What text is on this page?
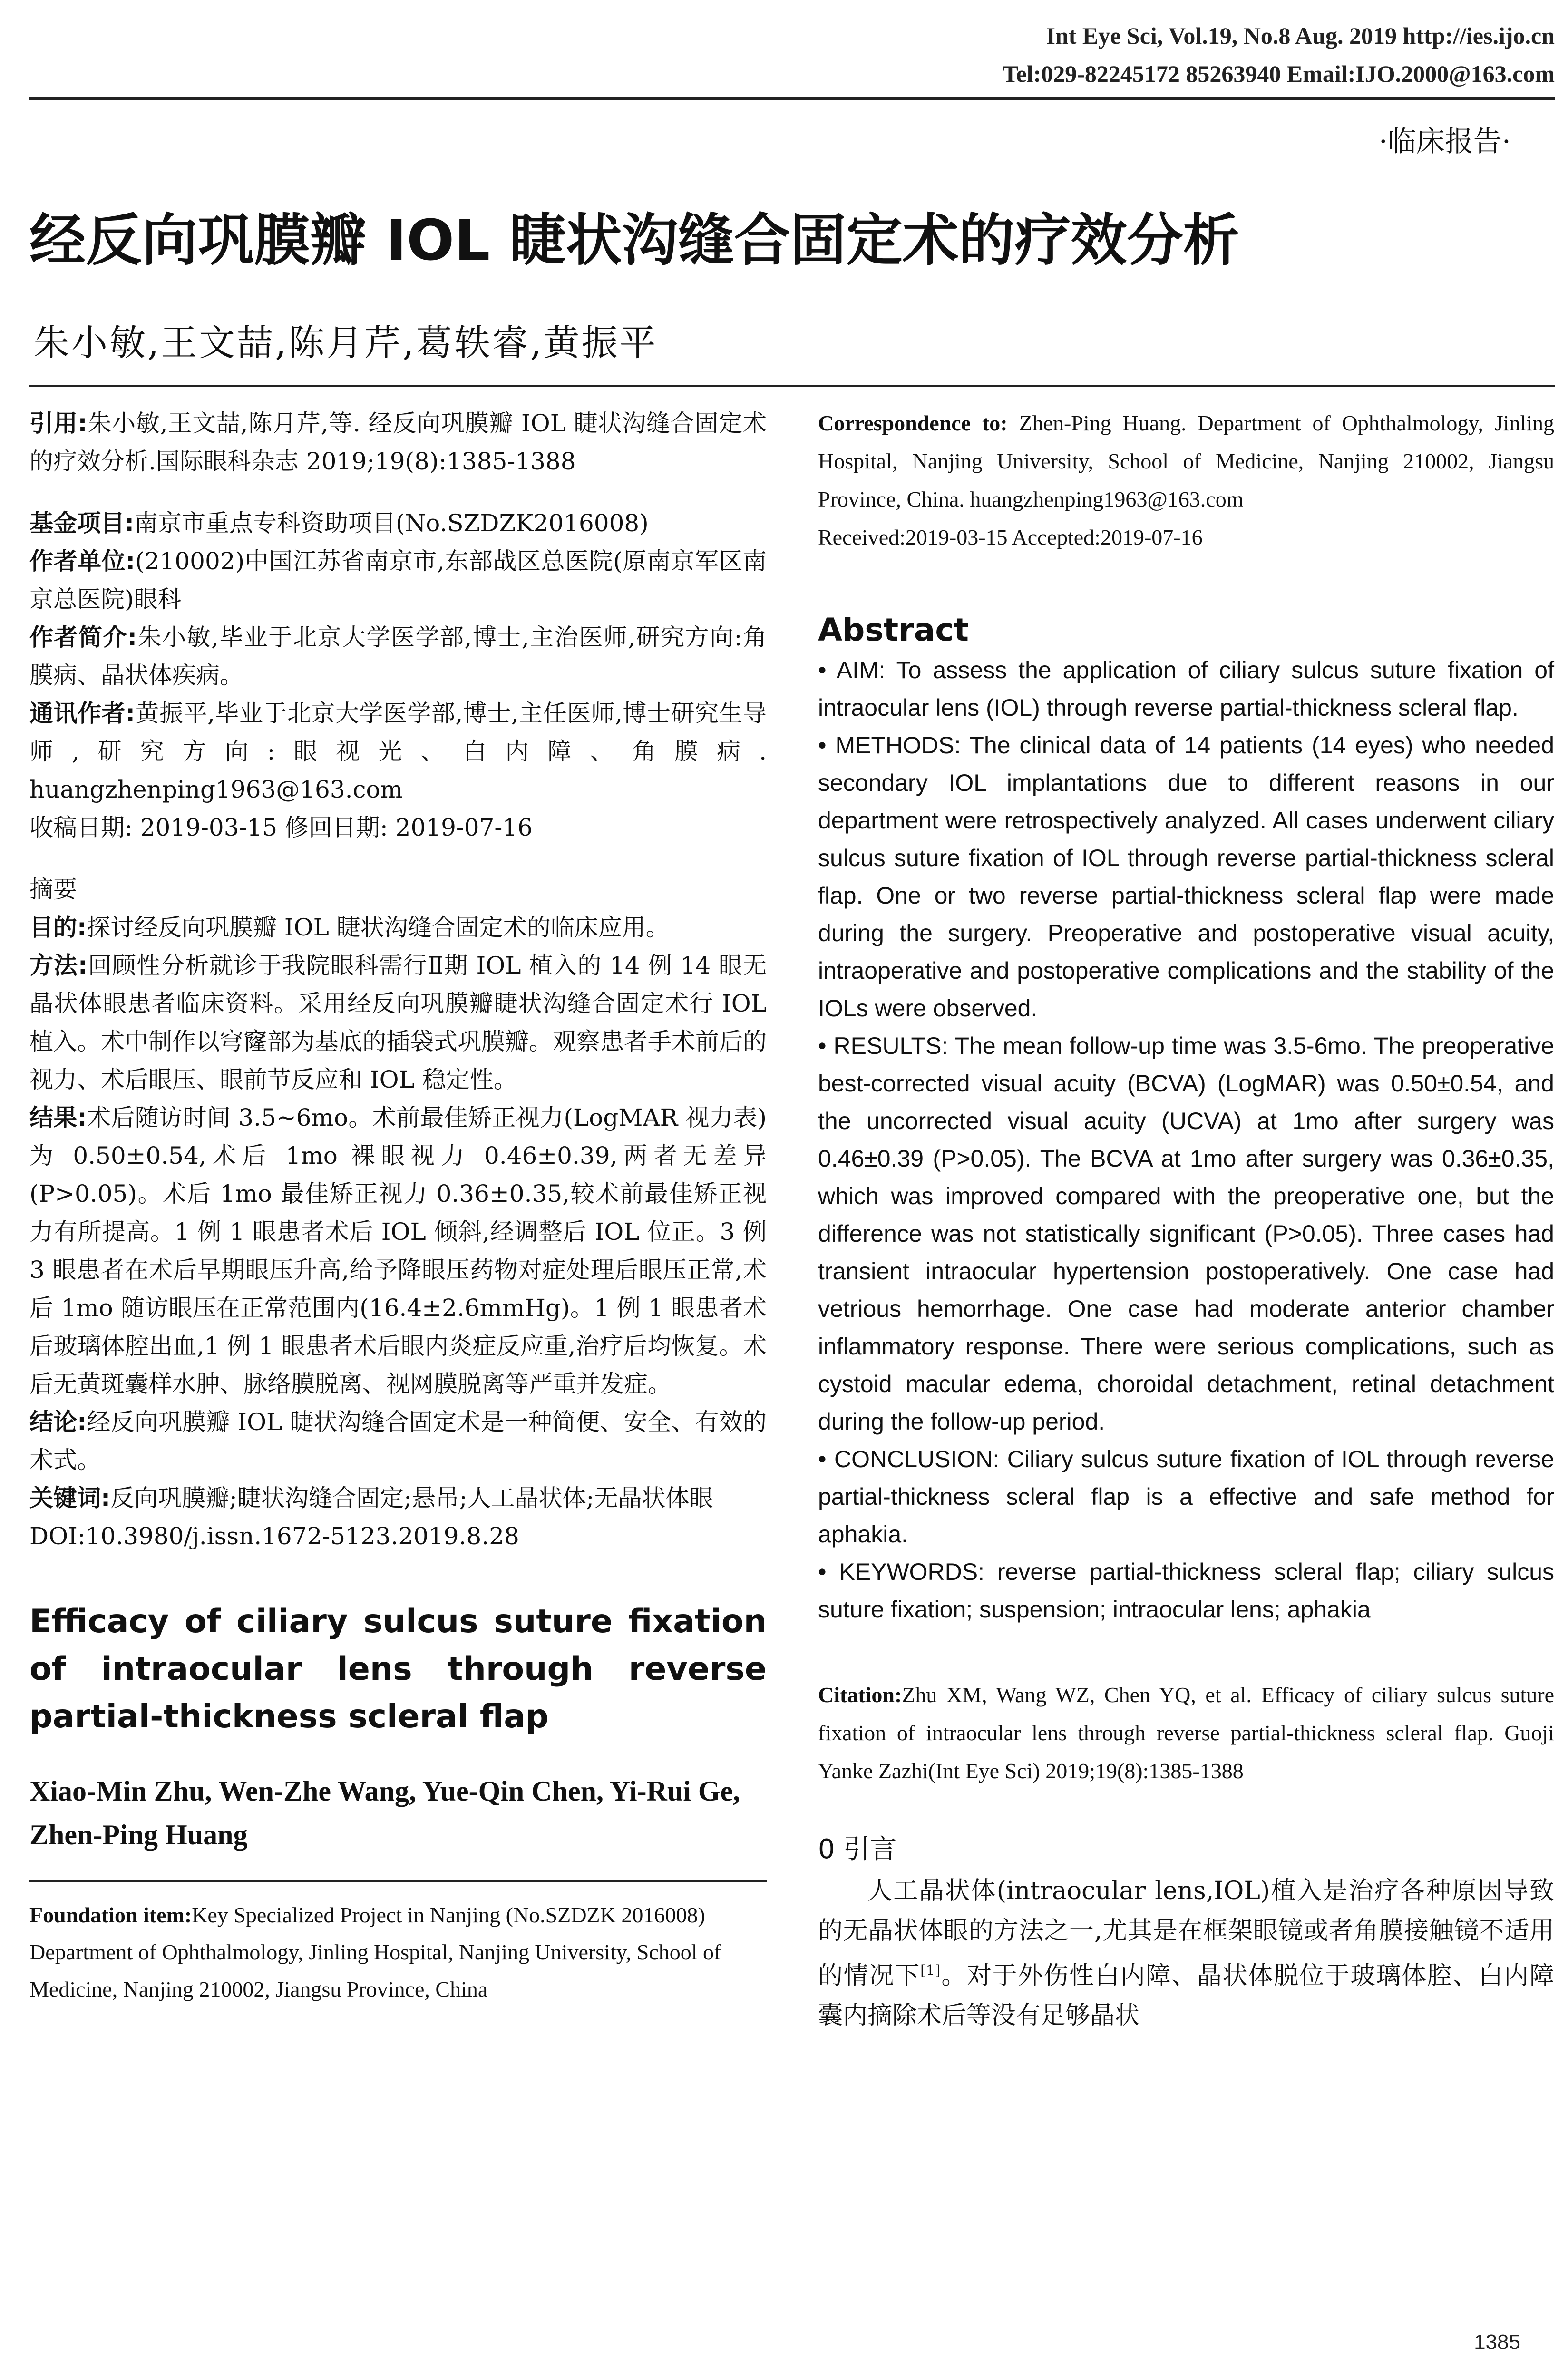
Int Eye Sci, Vol.19, No.8 Aug. 2019 http://ies.ijo.cn
Tel:029-82245172 85263940 Email:IJO.2000@163.com
·临床报告·
经反向巩膜瓣 IOL 睫状沟缝合固定术的疗效分析
朱小敏,王文喆,陈月芹,葛轶睿,黄振平
引用:朱小敏,王文喆,陈月芹,等. 经反向巩膜瓣 IOL 睫状沟缝合固定术的疗效分析.国际眼科杂志 2019;19(8):1385-1388
基金项目:南京市重点专科资助项目(No.SZDZK2016008)
作者单位:(210002)中国江苏省南京市,东部战区总医院(原南京军区南京总医院)眼科
作者简介:朱小敏,毕业于北京大学医学部,博士,主治医师,研究方向:角膜病、晶状体疾病。
通讯作者:黄振平,毕业于北京大学医学部,博士,主任医师,博士研究生导师,研究方向:眼视光、白内障、角膜病. huangzhenping1963@163.com
收稿日期: 2019-03-15 修回日期: 2019-07-16
摘要
目的:探讨经反向巩膜瓣 IOL 睫状沟缝合固定术的临床应用。
方法:回顾性分析就诊于我院眼科需行Ⅱ期 IOL 植入的 14 例 14 眼无晶状体眼患者临床资料。采用经反向巩膜瓣睫状沟缝合固定术行 IOL 植入。术中制作以穹窿部为基底的插袋式巩膜瓣。观察患者手术前后的视力、术后眼压、眼前节反应和 IOL 稳定性。
结果:术后随访时间 3.5~6mo。术前最佳矫正视力(LogMAR 视力表)为 0.50±0.54,术后 1mo 裸眼视力 0.46±0.39,两者无差异(P>0.05)。术后 1mo 最佳矫正视力 0.36±0.35,较术前最佳矫正视力有所提高。1 例 1 眼患者术后 IOL 倾斜,经调整后 IOL 位正。3 例 3 眼患者在术后早期眼压升高,给予降眼压药物对症处理后眼压正常,术后 1mo 随访眼压在正常范围内(16.4±2.6mmHg)。1 例 1 眼患者术后玻璃体腔出血,1 例 1 眼患者术后眼内炎症反应重,治疗后均恢复。术后无黄斑囊样水肿、脉络膜脱离、视网膜脱离等严重并发症。
结论:经反向巩膜瓣 IOL 睫状沟缝合固定术是一种简便、安全、有效的术式。
关键词:反向巩膜瓣;睫状沟缝合固定;悬吊;人工晶状体;无晶状体眼
DOI:10.3980/j.issn.1672-5123.2019.8.28
Efficacy of ciliary sulcus suture fixation of intraocular lens through reverse partial-thickness scleral flap
Xiao-Min Zhu, Wen-Zhe Wang, Yue-Qin Chen, Yi-Rui Ge, Zhen-Ping Huang
Foundation item:Key Specialized Project in Nanjing (No.SZDZK 2016008)
Department of Ophthalmology, Jinling Hospital, Nanjing University, School of Medicine, Nanjing 210002, Jiangsu Province, China
Correspondence to: Zhen-Ping Huang. Department of Ophthalmology, Jinling Hospital, Nanjing University, School of Medicine, Nanjing 210002, Jiangsu Province, China. huangzhenping1963@163.com
Received:2019-03-15 Accepted:2019-07-16
Abstract

• AIM: To assess the application of ciliary sulcus suture fixation of intraocular lens (IOL) through reverse partial-thickness scleral flap.

• METHODS: The clinical data of 14 patients (14 eyes) who needed secondary IOL implantations due to different reasons in our department were retrospectively analyzed. All cases underwent ciliary sulcus suture fixation of IOL through reverse partial-thickness scleral flap. One or two reverse partial-thickness scleral flap were made during the surgery. Preoperative and postoperative visual acuity, intraoperative and postoperative complications and the stability of the IOLs were observed.

• RESULTS: The mean follow-up time was 3.5-6mo. The preoperative best-corrected visual acuity (BCVA) (LogMAR) was 0.50±0.54, and the uncorrected visual acuity (UCVA) at 1mo after surgery was 0.46±0.39 (P>0.05). The BCVA at 1mo after surgery was 0.36±0.35, which was improved compared with the preoperative one, but the difference was not statistically significant (P>0.05). Three cases had transient intraocular hypertension postoperatively. One case had vetrious hemorrhage. One case had moderate anterior chamber inflammatory response. There were serious complications, such as cystoid macular edema, choroidal detachment, retinal detachment during the follow-up period.

• CONCLUSION: Ciliary sulcus suture fixation of IOL through reverse partial-thickness scleral flap is a effective and safe method for aphakia.

• KEYWORDS: reverse partial-thickness scleral flap; ciliary sulcus suture fixation; suspension; intraocular lens; aphakia

Citation:Zhu XM, Wang WZ, Chen YQ, et al. Efficacy of ciliary sulcus suture fixation of intraocular lens through reverse partial-thickness scleral flap. Guoji Yanke Zazhi(Int Eye Sci) 2019;19(8):1385-1388
0 引言

人工晶状体(intraocular lens,IOL)植入是治疗各种原因导致的无晶状体眼的方法之一,尤其是在框架眼镜或者角膜接触镜不适用的情况下[1]。对于外伤性白内障、晶状体脱位于玻璃体腔、白内障囊内摘除术后等没有足够晶状

1385
